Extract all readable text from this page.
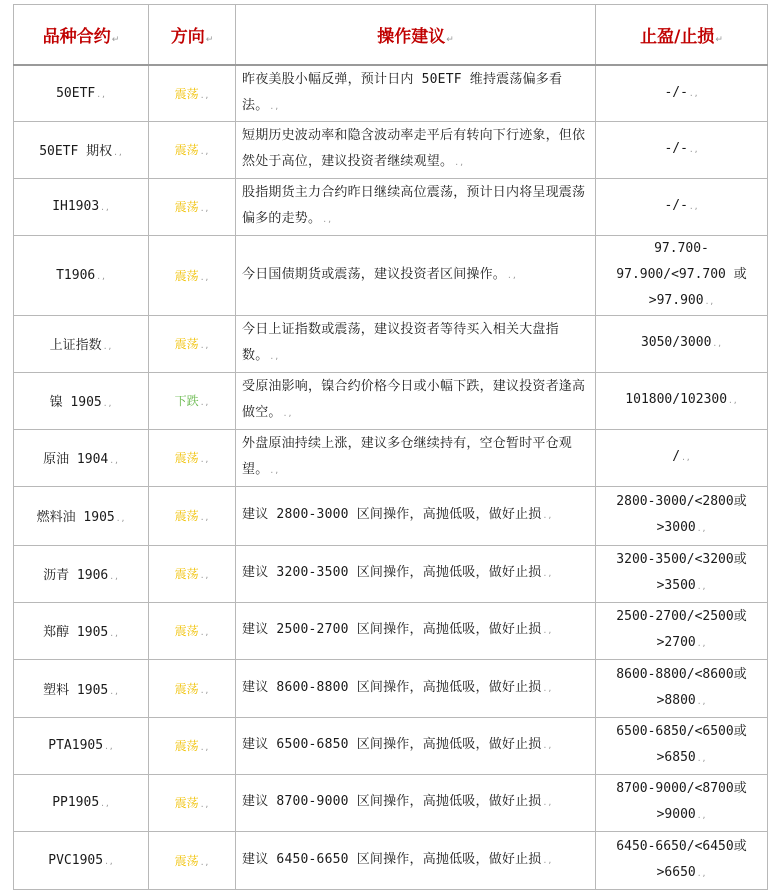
品种合约↵	方向↵	操作建议↵	止盈/止损↵
50ETF.,	震荡.,	昨夜美股小幅反弹，预计日内 50ETF 维持震荡偏多看法。.,	-/-.,
50ETF 期权.,	震荡.,	短期历史波动率和隐含波动率走平后有转向下行迹象，但依然处于高位，建议投资者继续观望。.,	-/-.,
IH1903.,	震荡.,	股指期货主力合约昨日继续高位震荡，预计日内将呈现震荡偏多的走势。.,	-/-.,
T1906.,	震荡.,	今日国债期货或震荡，建议投资者区间操作。.,	97.700-97.900/<97.700 或>97.900.,
上证指数.,	震荡.,	今日上证指数或震荡，建议投资者等待买入相关大盘指数。.,	3050/3000.,
镍 1905.,	下跌.,	受原油影响，镍合约价格今日或小幅下跌，建议投资者逢高做空。.,	101800/102300.,
原油 1904.,	震荡.,	外盘原油持续上涨，建议多仓继续持有，空仓暂时平仓观望。.,	/.,
燃料油 1905.,	震荡.,	建议 2800-3000 区间操作，高抛低吸，做好止损.,	2800-3000/<2800或>3000.,
沥青 1906.,	震荡.,	建议 3200-3500 区间操作，高抛低吸，做好止损.,	3200-3500/<3200或>3500.,
郑醇 1905.,	震荡.,	建议 2500-2700 区间操作，高抛低吸，做好止损.,	2500-2700/<2500或>2700.,
塑料 1905.,	震荡.,	建议 8600-8800 区间操作，高抛低吸，做好止损.,	8600-8800/<8600或>8800.,
PTA1905.,	震荡.,	建议 6500-6850 区间操作，高抛低吸，做好止损.,	6500-6850/<6500或>6850.,
PP1905.,	震荡.,	建议 8700-9000 区间操作，高抛低吸，做好止损.,	8700-9000/<8700或>9000.,
PVC1905.,	震荡.,	建议 6450-6650 区间操作，高抛低吸，做好止损.,	6450-6650/<6450或>6650.,
